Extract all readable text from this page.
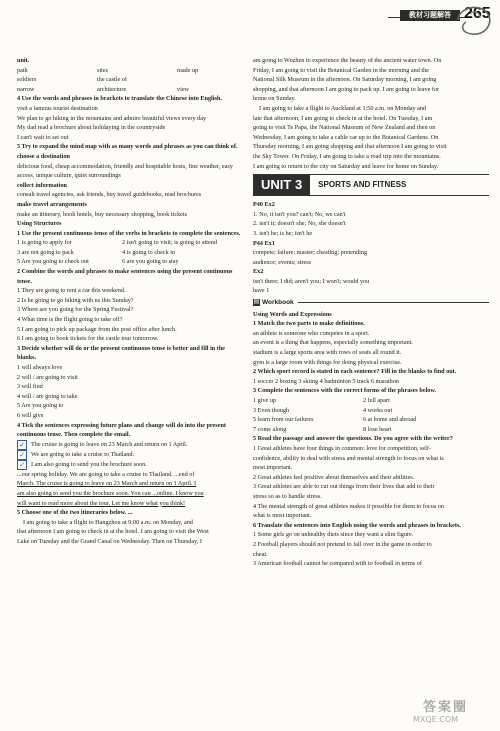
教材习题解答 265
unit.
path	sites	made up
soldiers	the castle of
narrow	architecture	view
4 Use the words and phrases in brackets to translate the Chinese into English.
visit a famous tourist destination
We plan to go hiking in the mountains and admire beautiful views every day
My dad read a brochure about holidaying in the countryside
I can't wait to set out
5 Try to expand the mind map with as many words and phrases as you can think of.
choose a destination
delicious food, cheap accommodation, friendly and hospitable hosts, fine weather, easy access, unique culture, quiet surroundings
collect information
consult travel agencies, ask friends, buy travel guidebooks, read brochures
make travel arrangements
make an itinerary, book hotels, buy necessary shopping, book tickets
Using Structures
1 Use the present continuous tense of the verbs in brackets to complete the sentences.
1 is going to apply for	2 isn't going to visit; is going to attend
3 are not going to pack	4 is going to check in
5 Are you going to check out	6 are you going to stay
2 Combine the words and phrases to make sentences using the present continuous tense.
1 They are going to rent a car this weekend.
2 Is he going to go hiking with us this Sunday?
3 Where are you going for the Spring Festival?
4 What time is the flight going to take off?
5 I am going to pick up package from the post office after lunch.
6 I am going to book tickets for the castle tour tomorrow.
3 Decide whether will do or the present continuous tense is better and fill in the blanks.
1 will always love
2 will / are going to visit
3 will find
4 will / are going to take
5 Are you going to
6 will give
4 Tick the sentences expressing future plans and change will do into the present continuous tense. Then complete the email.
✓ The cruise is going to leave on 23 March and return on 1 April.
✓ We are going to take a cruise to Thailand.
✓ I am also going to send you the brochure soon.
...our spring holiday. We are going to take a cruise to Thailand. ...end of
March. The cruise is going to leave on 23 March and return on 1 April. I
am also going to send you the brochure soon. You can ...online. I know you
will want to read more about the tour. Let me know what you think!
5 Choose one of the two itineraries below. ...
I am going to take a flight to Hangzhou at 9:00 a.m. on Monday, and
that afternoon I am going to check in at the hotel. I am going to visit the West
Lake on Tuesday and the Grand Canal on Wednesday. Then on Thursday, I
am going to Wuzhen to experience the beauty of the ancient water town. On
Friday, I am going to visit the Botanical Garden in the morning and the
National Silk Museum in the afternoon. On Saturday morning, I am going
shopping, and that afternoon I am going to pack up. I am going to leave for
home on Sunday.
I am going to take a flight to Auckland at 1:50 a.m. on Monday and
late that afternoon, I am going to check in at the hotel. On Tuesday, I am
going to visit Te Papa, the National Museum of New Zealand and then on
Wednesday, I am going to take a cable car up to the Botanical Gardens. On
Thursday morning, I am going shopping and that afternoon I am going to visit
the Sky Tower. On Friday, I am going to take a road trip into the mountains.
I am going to return to the city on Saturday and leave for home on Sunday.
UNIT 3	SPORTS AND FITNESS
P40 Ex2
1. No, it isn't you? can't; No, we can't
2. isn't it; doesn't she; No, she doesn't
3. isn't he; is he; isn't he
P44 Ex1
compete; failure; master; cheating; pretending
audience; events; stress
Ex2
isn't there; I did; aren't you; I won't; would you
have 1
▤ Workbook
Using Words and Expressions
1 Match the two parts to make definitions.
an athlete is someone who competes in a sport.
an event is a thing that happens, especially something important.
stadium is a large sports area with rows of seats all round it.
gym is a large room with things for doing physical exercise.
2 Which sport record is stated in each sentence? Fill in the blanks to find out.
1 soccer 2 boxing 3 skiing 4 badminton 5 track 6 marathon
3 Complete the sentences with the correct forms of the phrases below.
1 give up	2 fell apart
3 Even though	4 works out
5 learn from our failures	6 at home and abroad
7 come along	8 lose heart
5 Read the passage and answer the questions. Do you agree with the writer?
1 Great athletes have four things in common: love for competition, self-
confidence, ability to deal with stress and mental strength to focus on what is
most important.
2 Great athletes feel positive about themselves and their abilities.
3 Great athletes are able to cut out things from their lives that add to their
stress so as to handle stress.
4 The mental strength of great athletes makes it possible for them to focus on
what is most important.
6 Translate the sentences into English using the words and phrases in brackets.
1 Some girls go on unhealthy diets since they want a slim figure.
2 Football players should not pretend to fall over in the game in order to
cheat.
3 American football cannot be compared with to football in terms of
答案圈
MXQE.COM
